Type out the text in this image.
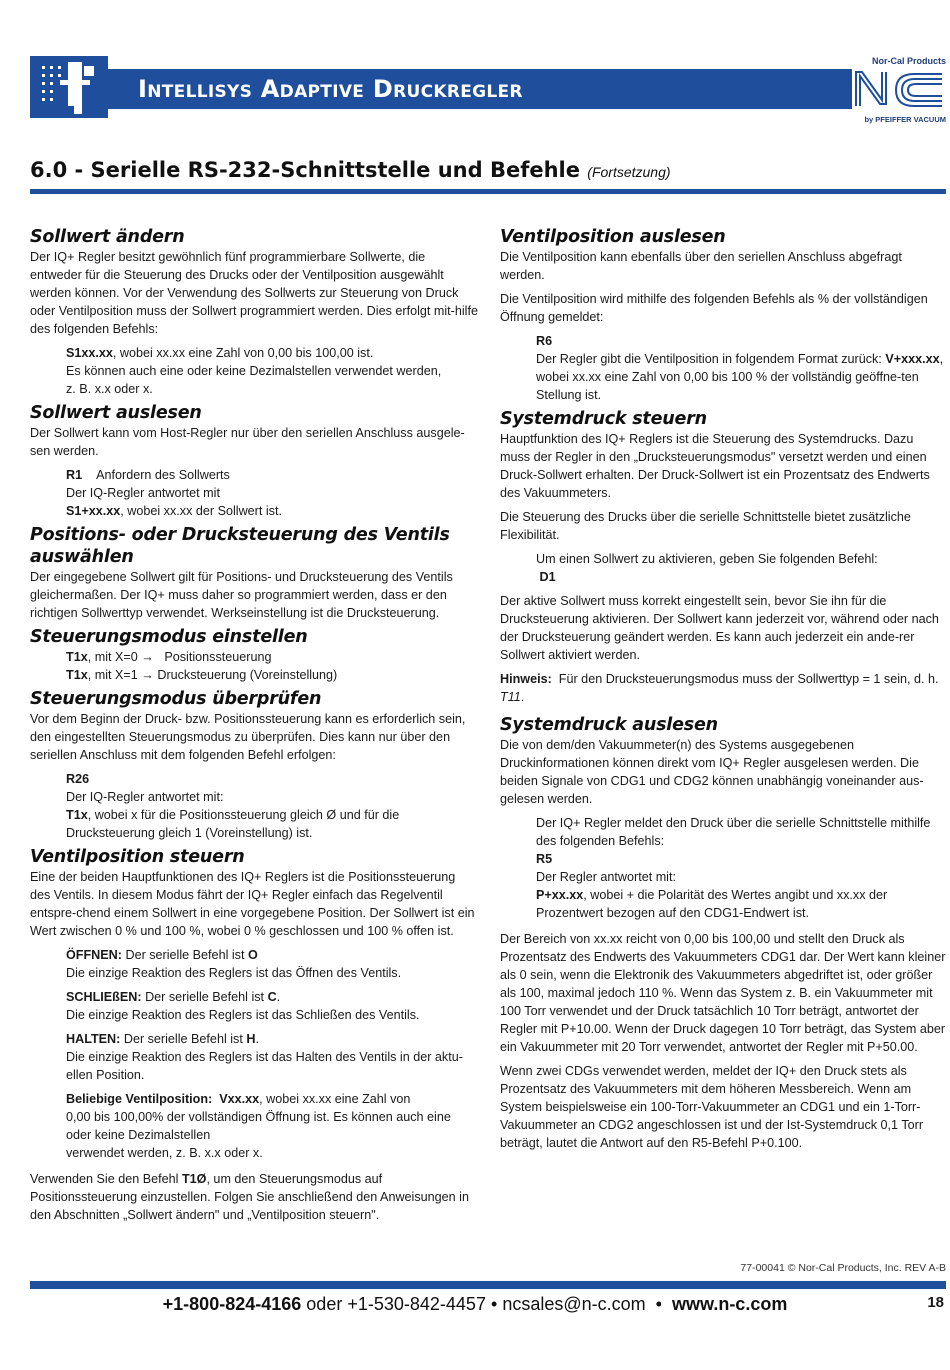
Intellisys Adaptive Druckregler
Nor-Cal Products
by PFEIFFER VACUUM
6.0 - Serielle RS-232-Schnittstelle und Befehle (Fortsetzung)
Sollwert ändern

Der IQ+ Regler besitzt gewöhnlich fünf programmierbare Sollwerte, die entweder für die Steuerung des Drucks oder der Ventilposition ausgewählt werden können. Vor der Verwendung des Sollwerts zur Steuerung von Druck oder Ventilposition muss der Sollwert programmiert werden. Dies erfolgt mit-hilfe des folgenden Befehls:

S1xx.xx, wobei xx.xx eine Zahl von 0,00 bis 100,00 ist.

Es können auch eine oder keine Dezimalstellen verwendet werden,

z. B. x.x oder x.

Sollwert auslesen

Der Sollwert kann vom Host-Regler nur über den seriellen Anschluss ausgele-sen werden.

R1 Anfordern des Sollwerts

Der IQ-Regler antwortet mit

S1+xx.xx, wobei xx.xx der Sollwert ist.

Positions- oder Drucksteuerung des Ventils auswählen

Der eingegebene Sollwert gilt für Positions- und Drucksteuerung des Ventils gleichermaßen. Der IQ+ muss daher so programmiert werden, dass er den richtigen Sollwerttyp verwendet. Werkseinstellung ist die Drucksteuerung.

Steuerungsmodus einstellen

T1x, mit X=0 → Positionssteuerung

T1x, mit X=1 → Drucksteuerung (Voreinstellung)

Steuerungsmodus überprüfen

Vor dem Beginn der Druck- bzw. Positionssteuerung kann es erforderlich sein, den eingestellten Steuerungsmodus zu überprüfen. Dies kann nur über den seriellen Anschluss mit dem folgenden Befehl erfolgen:

R26

Der IQ-Regler antwortet mit:

T1x, wobei x für die Positionssteuerung gleich Ø und für die

Drucksteuerung gleich 1 (Voreinstellung) ist.

Ventilposition steuern

Eine der beiden Hauptfunktionen des IQ+ Reglers ist die Positionssteuerung des Ventils. In diesem Modus fährt der IQ+ Regler einfach das Regelventil entspre-chend einem Sollwert in eine vorgegebene Position. Der Sollwert ist ein Wert zwischen 0 % und 100 %, wobei 0 % geschlossen und 100 % offen ist.

ÖFFNEN: Der serielle Befehl ist O

Die einzige Reaktion des Reglers ist das Öffnen des Ventils.

SCHLIEßEN: Der serielle Befehl ist C.

Die einzige Reaktion des Reglers ist das Schließen des Ventils.

HALTEN: Der serielle Befehl ist H.

Die einzige Reaktion des Reglers ist das Halten des Ventils in der aktu-ellen Position.

Beliebige Ventilposition: Vxx.xx, wobei xx.xx eine Zahl von

0,00 bis 100,00% der vollständigen Öffnung ist. Es können auch eine oder keine Dezimalstellen

verwendet werden, z. B. x.x oder x.

Verwenden Sie den Befehl T1Ø, um den Steuerungsmodus auf Positionssteuerung einzustellen. Folgen Sie anschließend den Anweisungen in den Abschnitten „Sollwert ändern" und „Ventilposition steuern".

Ventilposition auslesen

Die Ventilposition kann ebenfalls über den seriellen Anschluss abgefragt werden.

Die Ventilposition wird mithilfe des folgenden Befehls als % der vollständigen Öffnung gemeldet:

R6

Der Regler gibt die Ventilposition in folgendem Format zurück: V+xxx.xx, wobei xx.xx eine Zahl von 0,00 bis 100 % der vollständig geöffne-ten Stellung ist.

Systemdruck steuern

Hauptfunktion des IQ+ Reglers ist die Steuerung des Systemdrucks. Dazu muss der Regler in den „Drucksteuerungsmodus" versetzt werden und einen Druck-Sollwert erhalten. Der Druck-Sollwert ist ein Prozentsatz des Endwerts des Vakuummeters.

Die Steuerung des Drucks über die serielle Schnittstelle bietet zusätzliche Flexibilität.

Um einen Sollwert zu aktivieren, geben Sie folgenden Befehl:

D1

Der aktive Sollwert muss korrekt eingestellt sein, bevor Sie ihn für die Drucksteuerung aktivieren. Der Sollwert kann jederzeit vor, während oder nach der Drucksteuerung geändert werden. Es kann auch jederzeit ein ande-rer Sollwert aktiviert werden.

Hinweis: Für den Drucksteuerungsmodus muss der Sollwerttyp = 1 sein, d. h. T11.

Systemdruck auslesen

Die von dem/den Vakuummeter(n) des Systems ausgegebenen Druckinformationen können direkt vom IQ+ Regler ausgelesen werden. Die beiden Signale von CDG1 und CDG2 können unabhängig voneinander aus-gelesen werden.

Der IQ+ Regler meldet den Druck über die serielle Schnittstelle mithilfe des folgenden Befehls:

R5

Der Regler antwortet mit:

P+xx.xx, wobei + die Polarität des Wertes angibt und xx.xx der Prozentwert bezogen auf den CDG1-Endwert ist.

Der Bereich von xx.xx reicht von 0,00 bis 100,00 und stellt den Druck als Prozentsatz des Endwerts des Vakuummeters CDG1 dar. Der Wert kann kleiner als 0 sein, wenn die Elektronik des Vakuummeters abgedriftet ist, oder größer als 100, maximal jedoch 110 %. Wenn das System z. B. ein Vakuummeter mit 100 Torr verwendet und der Druck tatsächlich 10 Torr beträgt, antwortet der Regler mit P+10.00. Wenn der Druck dagegen 10 Torr beträgt, das System aber ein Vakuummeter mit 20 Torr verwendet, antwortet der Regler mit P+50.00.

Wenn zwei CDGs verwendet werden, meldet der IQ+ den Druck stets als Prozentsatz des Vakuummeters mit dem höheren Messbereich. Wenn am System beispielsweise ein 100-Torr-Vakuummeter an CDG1 und ein 1-Torr-Vakuummeter an CDG2 angeschlossen ist und der Ist-Systemdruck 0,1 Torr beträgt, lautet die Antwort auf den R5-Befehl P+0.100.

77-00041 © Nor-Cal Products, Inc. REV A-B
+1-800-824-4166 oder +1-530-842-4457 • ncsales@n-c.com • www.n-c.com	18
